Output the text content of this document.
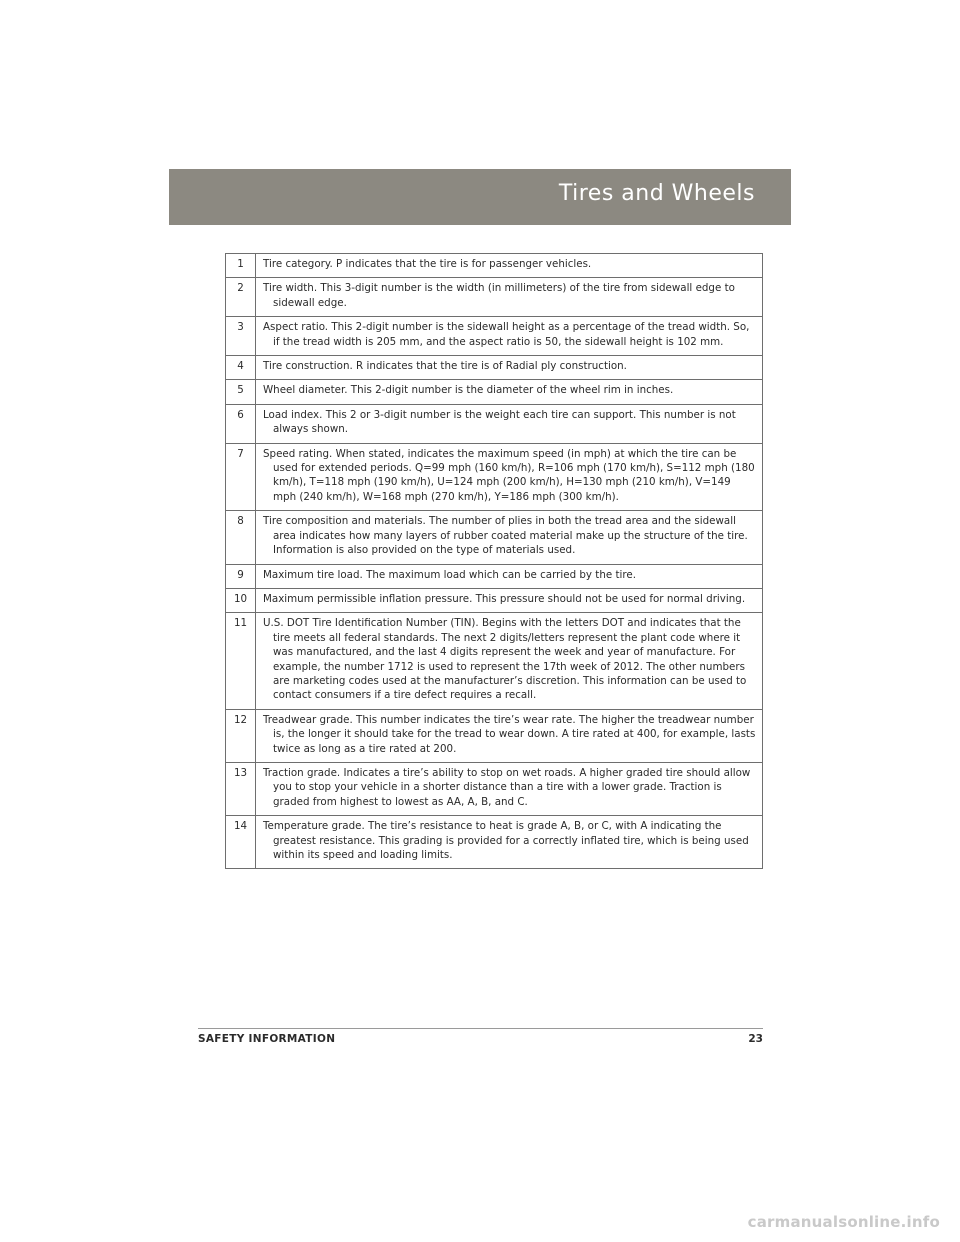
Tires and Wheels
1	Tire category. P indicates that the tire is for passenger vehicles.

2	Tire width. This 3-digit number is the width (in millimeters) of the tire from sidewall edge to sidewall edge.

3	Aspect ratio. This 2-digit number is the sidewall height as a percentage of the tread width. So, if the tread width is 205 mm, and the aspect ratio is 50, the sidewall height is 102 mm.

4	Tire construction. R indicates that the tire is of Radial ply construction.

5	Wheel diameter. This 2-digit number is the diameter of the wheel rim in inches.

6	Load index. This 2 or 3-digit number is the weight each tire can support. This number is not always shown.

7	Speed rating. When stated, indicates the maximum speed (in mph) at which the tire can be used for extended periods. Q=99 mph (160 km/h), R=106 mph (170 km/h), S=112 mph (180 km/h), T=118 mph (190 km/h), U=124 mph (200 km/h), H=130 mph (210 km/h), V=149 mph (240 km/h), W=168 mph (270 km/h), Y=186 mph (300 km/h).

8	Tire composition and materials. The number of plies in both the tread area and the sidewall area indicates how many layers of rubber coated material make up the structure of the tire. Information is also provided on the type of materials used.

9	Maximum tire load. The maximum load which can be carried by the tire.

10	Maximum permissible inflation pressure. This pressure should not be used for normal driving.

11	U.S. DOT Tire Identification Number (TIN). Begins with the letters DOT and indicates that the tire meets all federal standards. The next 2 digits/letters represent the plant code where it was manufactured, and the last 4 digits represent the week and year of manufacture. For example, the number 1712 is used to represent the 17th week of 2012. The other numbers are marketing codes used at the manufacturer’s discretion. This information can be used to contact consumers if a tire defect requires a recall.

12	Treadwear grade. This number indicates the tire’s wear rate. The higher the treadwear number is, the longer it should take for the tread to wear down. A tire rated at 400, for example, lasts twice as long as a tire rated at 200.

13	Traction grade. Indicates a tire’s ability to stop on wet roads. A higher graded tire should allow you to stop your vehicle in a shorter distance than a tire with a lower grade. Traction is graded from highest to lowest as AA, A, B, and C.

14	Temperature grade. The tire’s resistance to heat is grade A, B, or C, with A indicating the greatest resistance. This grading is provided for a correctly inflated tire, which is being used within its speed and loading limits.
SAFETY INFORMATION	23
carmanualsonline.info
